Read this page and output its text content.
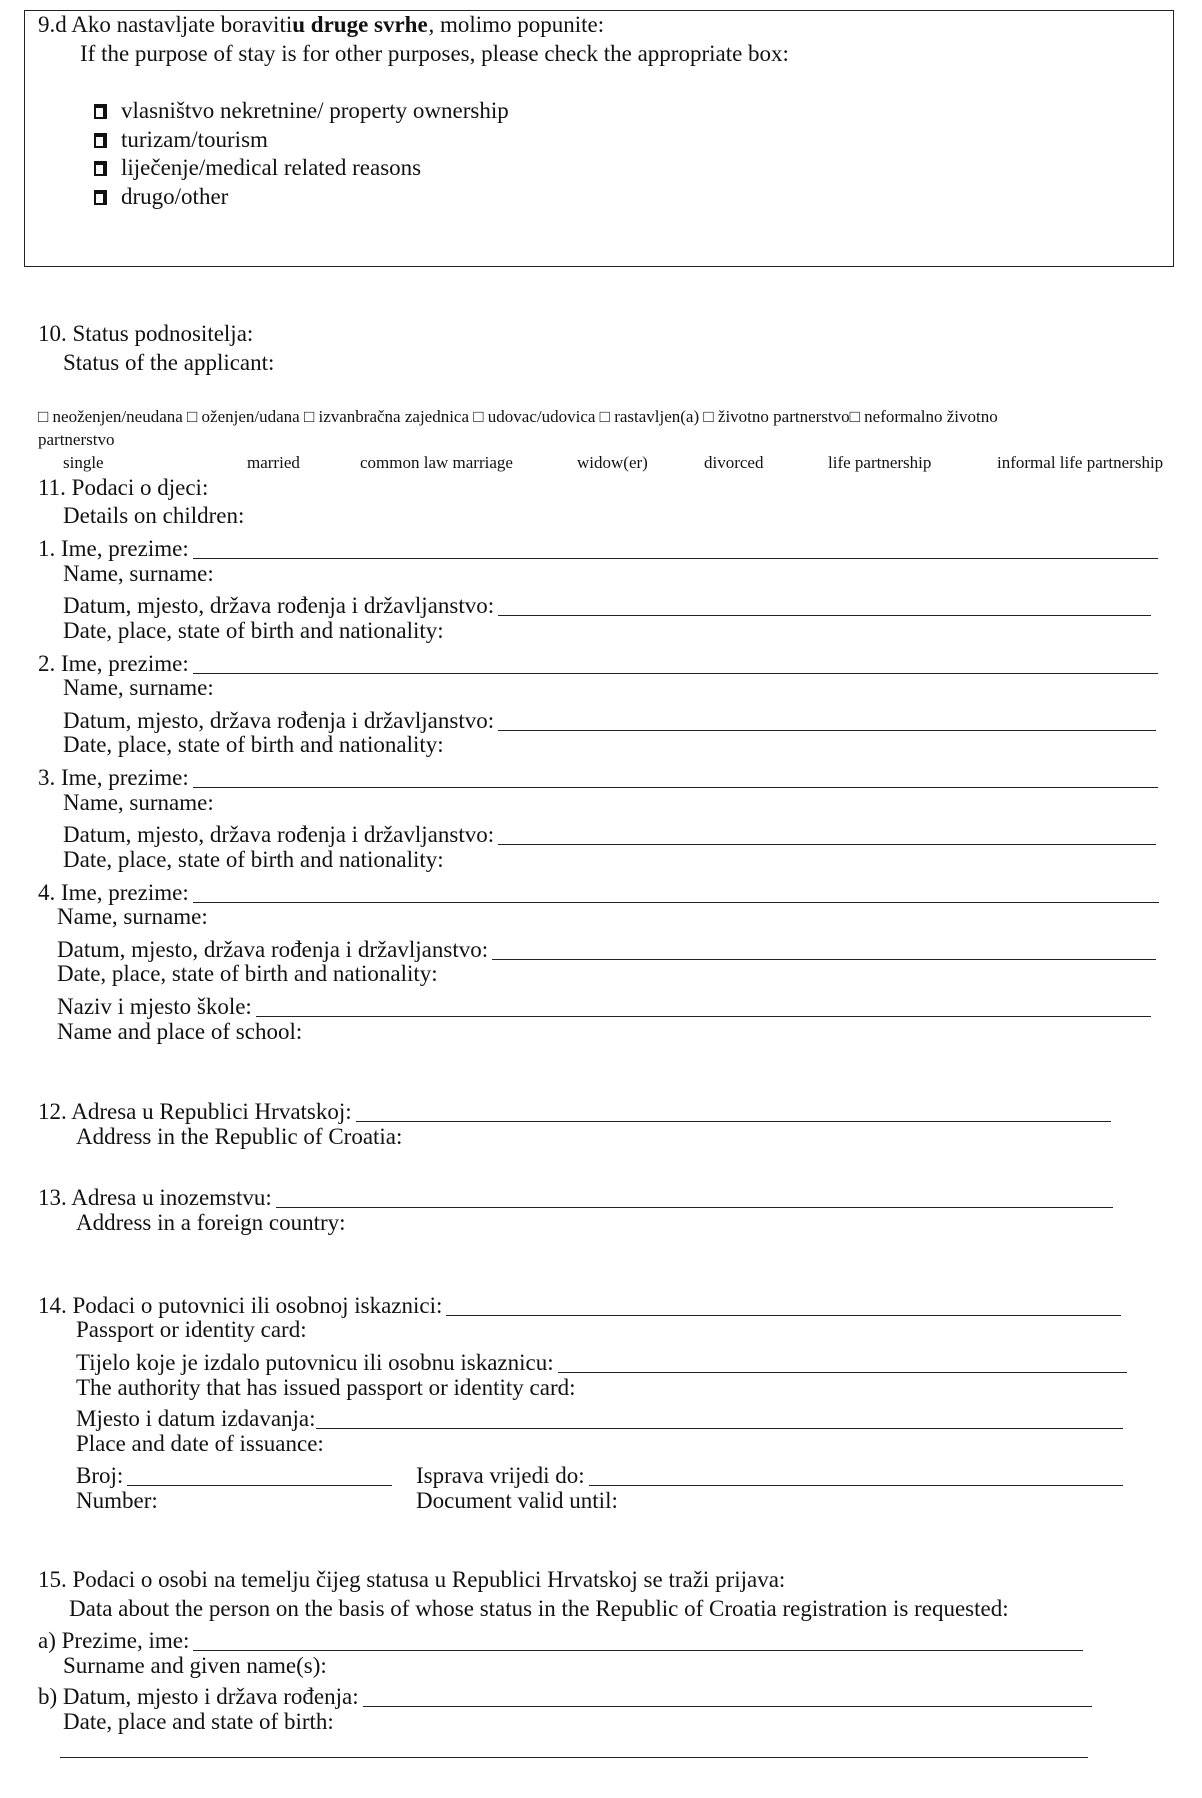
9.d Ako nastavljate boraviti u druge svrhe
, molimo popunite:
If the purpose of stay is for other purposes, please check the appropriate box:
vlasništvo nekretnine/ property ownership
turizam/tourism
liječenje/medical related reasons
drugo/other
10. Status podnositelja:
Status of the applicant:
□ neoženjen/neudana □ oženjen/udana □ izvanbračna zajednica □ udovac/udovica □ rastavljen(a) □ životno partnerstvo□ neformalno životno
partnerstvo
single	married	common law marriage	widow(er)	divorced	life partnership	informal life partnership
11. Podaci o djeci:
Details on children:
1. Ime, prezime:
Name, surname:
Datum, mjesto, država rođenja i državljanstvo:
Date, place, state of birth and nationality:
2. Ime, prezime:
Name, surname:
Datum, mjesto, država rođenja i državljanstvo:
Date, place, state of birth and nationality:
3. Ime, prezime:
Name, surname:
Datum, mjesto, država rođenja i državljanstvo:
Date, place, state of birth and nationality:
4. Ime, prezime:
Name, surname:
Datum, mjesto, država rođenja i državljanstvo:
Date, place, state of birth and nationality:
Naziv i mjesto škole:
Name and place of school:
12. Adresa u Republici Hrvatskoj:
Address in the Republic of Croatia:
13. Adresa u inozemstvu:
Address in a foreign country:
14. Podaci o putovnici ili osobnoj iskaznici:
Passport or identity card:
Tijelo koje je izdalo putovnicu ili osobnu iskaznicu:
The authority that has issued passport or identity card:
Mjesto i datum izdavanja:
Place and date of issuance:
Broj:	Isprava vrijedi do:
Number:	Document valid until:
15. Podaci o osobi na temelju čijeg statusa u Republici Hrvatskoj se traži prijava:
Data about the person on the basis of whose status in the Republic of Croatia registration is requested:
a) Prezime, ime:
Surname and given name(s):
b) Datum, mjesto i država rođenja:
Date, place and state of birth:
